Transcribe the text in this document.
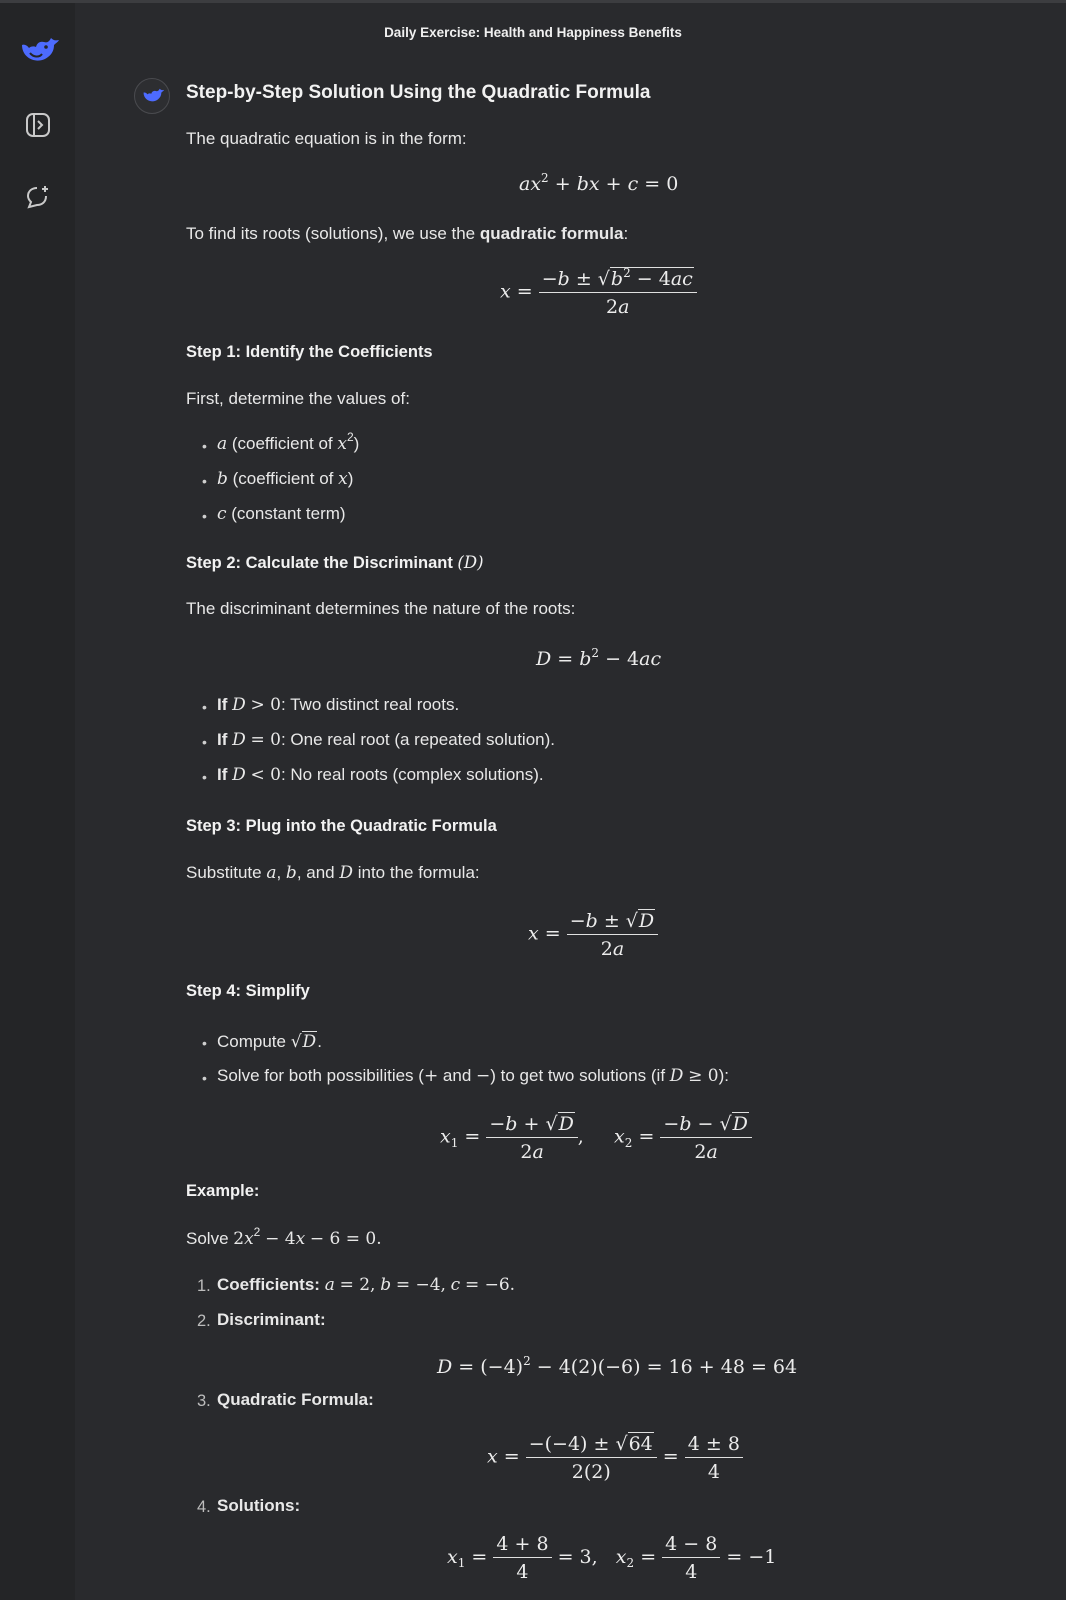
Daily Exercise: Health and Happiness Benefits
Step-by-Step Solution Using the Quadratic Formula
The quadratic equation is in the form:
$ax^2$ + bx + c = 0
To find its roots (solutions), we use the quadratic formula:
$x = \frac{-b \pm √b^2 - 4ac}{2a}$
Step 1: Identify the Coefficients
First, determine the values of:
• a (coefficient of $x^2$)
• b (coefficient of x)
• c (constant term)
Step 2: Calculate the Discriminant (D)
The discriminant determines the nature of the roots:
$D = b^2 - 4ac$
• If D > 0: Two distinct real roots.
• If D = 0: One real root (a repeated solution).
• If D < 0: No real roots (complex solutions).
Step 3: Plug into the Quadratic Formula
Substitute a, b, and D into the formula:
$x = \frac{-b \pm √D}{2a}$
Step 4: Simplify
• Compute √D.
• Solve for both possibilities (+ and −) to get two solutions (if D ≥ 0):
$x_1 = \frac{-b + √D}{2a}$ ,     $x_2 = \frac{-b - √D}{2a}$
Example:
Solve $2x^2 - 4x - 6 = 0$.
1. Coefficients: a = 2, b = −4, c = −6.
2. Discriminant:
$D = (-4)^2 - 4(2)(-6) = 16 + 48 = 64$
3. Quadratic Formula:
$x = \frac{-(-4) \pm √64}{2(2)} = \frac{4 \pm 8}{4}$
4. Solutions:
$x_1 = \frac{4 + 8}{4} = 3$,   $x_2 = \frac{4 - 8}{4} = -1$
